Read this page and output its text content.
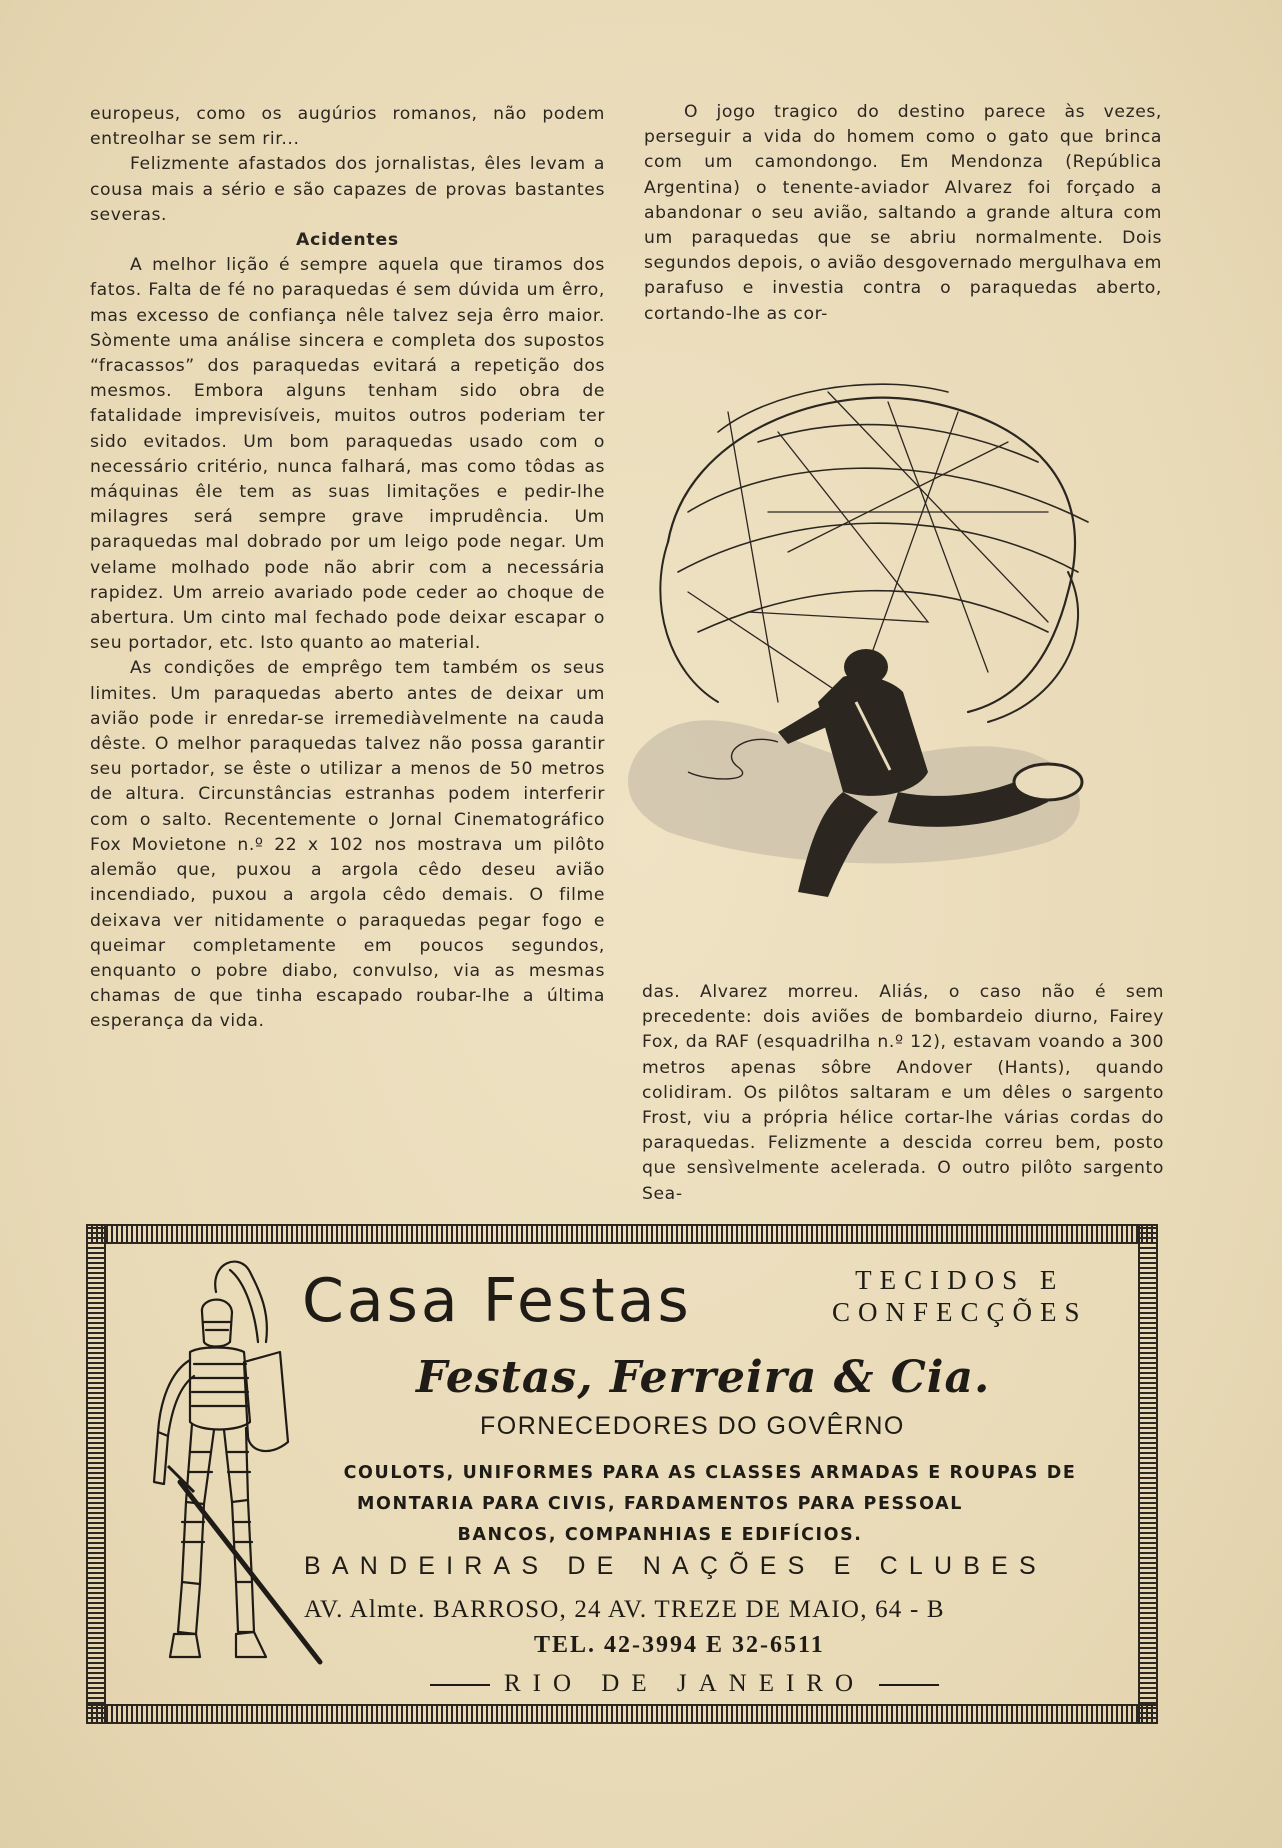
europeus, como os augúrios romanos, não podem entreolhar se sem rir...

Felizmente afastados dos jornalistas, êles levam a cousa mais a sério e são capazes de provas bastantes severas.

Acidentes

A melhor lição é sempre aquela que tiramos dos fatos. Falta de fé no paraquedas é sem dúvida um êrro, mas excesso de confiança nêle talvez seja êrro maior. Sòmente uma análise sincera e completa dos supostos “fracassos” dos paraquedas evitará a repetição dos mesmos. Embora alguns tenham sido obra de fatalidade imprevisíveis, muitos outros poderiam ter sido evitados. Um bom paraquedas usado com o necessário critério, nunca falhará, mas como tôdas as máquinas êle tem as suas limitações e pedir-lhe milagres será sempre grave imprudência. Um paraquedas mal dobrado por um leigo pode negar. Um velame molhado pode não abrir com a necessária rapidez. Um arreio avariado pode ceder ao choque de abertura. Um cinto mal fechado pode deixar escapar o seu portador, etc. Isto quanto ao material.

As condições de emprêgo tem também os seus limites. Um paraquedas aberto antes de deixar um avião pode ir enredar-se irremediàvelmente na cauda dêste. O melhor paraquedas talvez não possa garantir seu portador, se êste o utilizar a menos de 50 metros de altura. Circunstâncias estranhas podem interferir com o salto. Recentemente o Jornal Cinematográfico Fox Movietone n.º 22 x 102 nos mostrava um pilôto alemão que, puxou a argola cêdo deseu avião incendiado, puxou a argola cêdo demais. O filme deixava ver nitidamente o paraquedas pegar fogo e queimar completamente em poucos segundos, enquanto o pobre diabo, convulso, via as mesmas chamas de que tinha escapado roubar-lhe a última esperança da vida.

O jogo tragico do destino parece às vezes, perseguir a vida do homem como o gato que brinca com um camondongo. Em Mendonza (República Argentina) o tenente-aviador Alvarez foi forçado a abandonar o seu avião, saltando a grande altura com um paraquedas que se abriu normalmente. Dois segundos depois, o avião desgovernado mergulhava em parafuso e investia contra o paraquedas aberto, cortando-lhe as cor-

das. Alvarez morreu. Aliás, o caso não é sem precedente: dois aviões de bombardeio diurno, Fairey Fox, da RAF (esquadrilha n.º 12), estavam voando a 300 metros apenas sôbre Andover (Hants), quando colidiram. Os pilôtos saltaram e um dêles o sargento Frost, viu a própria hélice cortar-lhe várias cordas do paraquedas. Felizmente a descida correu bem, posto que sensìvelmente acelerada. O outro pilôto sargento Sea-

Casa Festas	TECIDOS E
CONFECÇÕES
Festas, Ferreira & Cia.
FORNECEDORES DO GOVÊRNO
COULOTS, UNIFORMES PARA AS CLASSES ARMADAS E ROUPAS DE
MONTARIA PARA CIVIS, FARDAMENTOS PARA PESSOAL
BANCOS, COMPANHIAS E EDIFÍCIOS.
BANDEIRAS DE NAÇÕES E CLUBES
AV. Almte. BARROSO, 24 AV. TREZE DE MAIO, 64 - B
TEL. 42-3994 E 32-6511
RIO DE JANEIRO
